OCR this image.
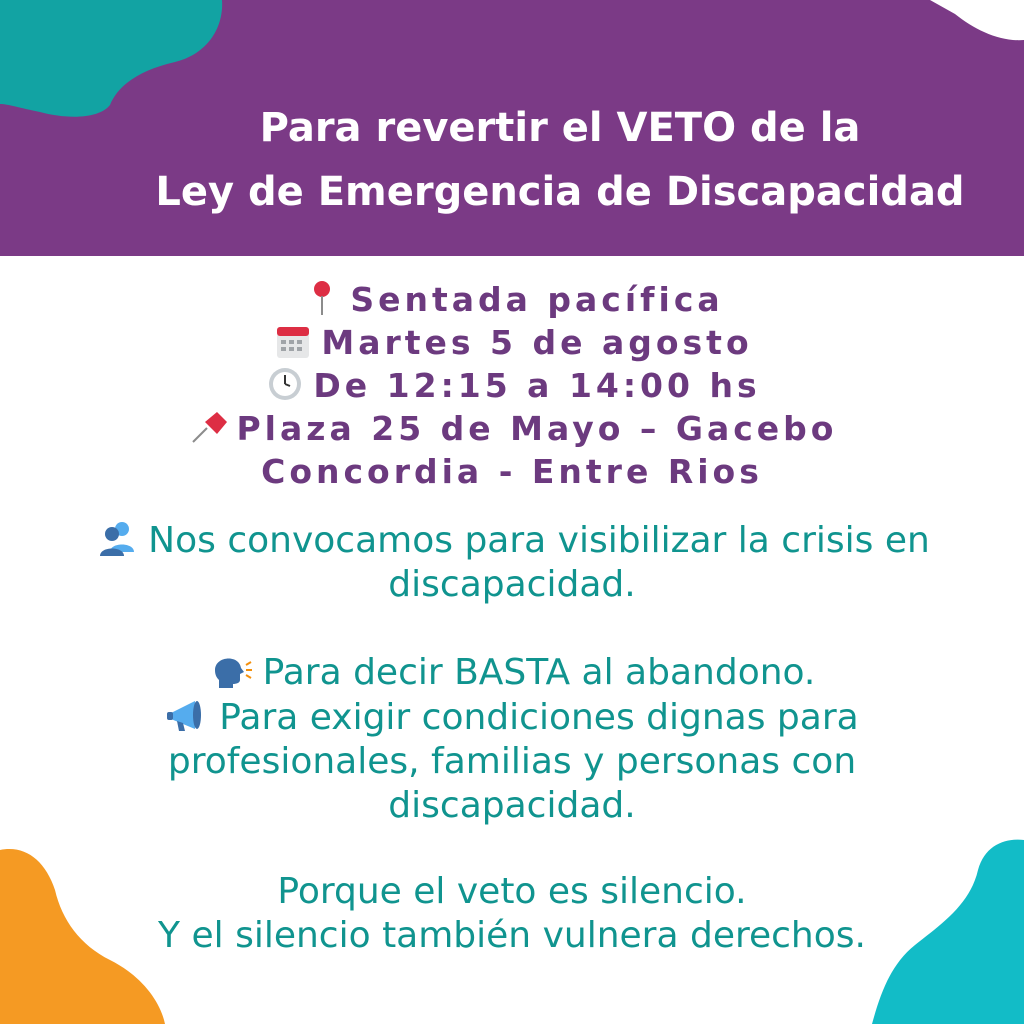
Para revertir el VETO de la
Ley de Emergencia de Discapacidad
Sentada pacífica
Martes 5 de agosto
De 12:15 a 14:00 hs
Plaza 25 de Mayo – Gacebo
Concordia - Entre Rios
Nos convocamos para visibilizar la crisis en
discapacidad.
Para decir BASTA al abandono.
Para exigir condiciones dignas para
profesionales, familias y personas con
discapacidad.
Porque el veto es silencio.
Y el silencio también vulnera derechos.
